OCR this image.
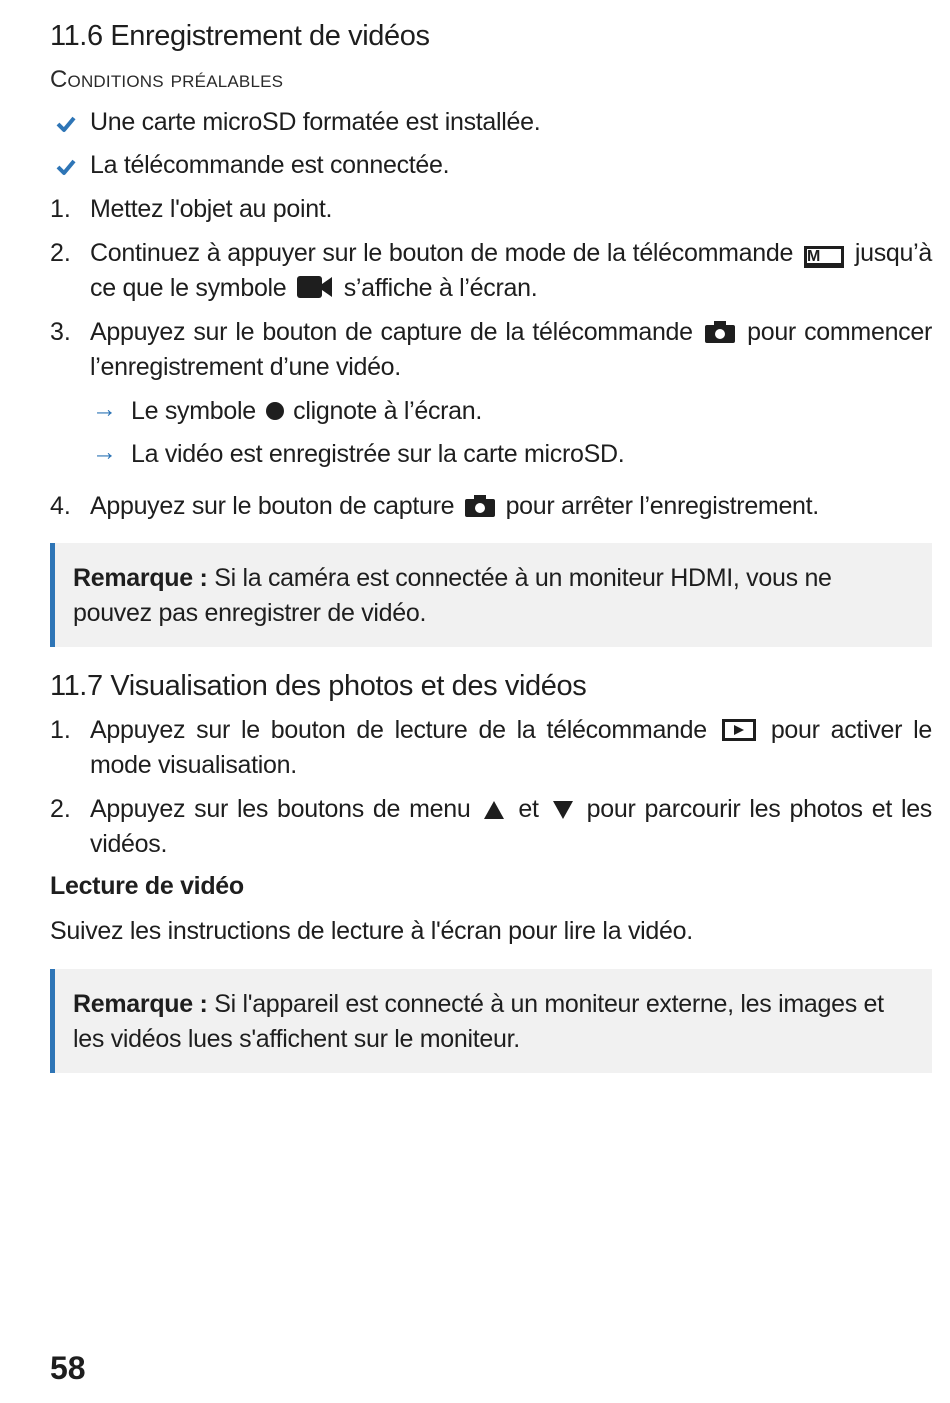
11.6 Enregistrement de vidéos
Conditions préalables
Une carte microSD formatée est installée.
La télécommande est connectée.
1. Mettez l'objet au point.
2. Continuez à appuyer sur le bouton de mode de la télécommande M jusqu’à ce que le symbole s’affiche à l’écran.
3. Appuyez sur le bouton de capture de la télécommande pour commencer l’enregistrement d’une vidéo.
→ Le symbole clignote à l’écran.
→ La vidéo est enregistrée sur la carte microSD.
4. Appuyez sur le bouton de capture pour arrêter l’enregistrement.
Remarque : Si la caméra est connectée à un moniteur HDMI, vous ne pouvez pas enregistrer de vidéo.
11.7 Visualisation des photos et des vidéos
1. Appuyez sur le bouton de lecture de la télécommande	pour activer le mode visualisation.
2. Appuyez sur les boutons de menu et pour parcourir les photos et les vidéos.
Lecture de vidéo
Suivez les instructions de lecture à l'écran pour lire la vidéo.
Remarque : Si l'appareil est connecté à un moniteur externe, les images et les vidéos lues s'affichent sur le moniteur.
58
